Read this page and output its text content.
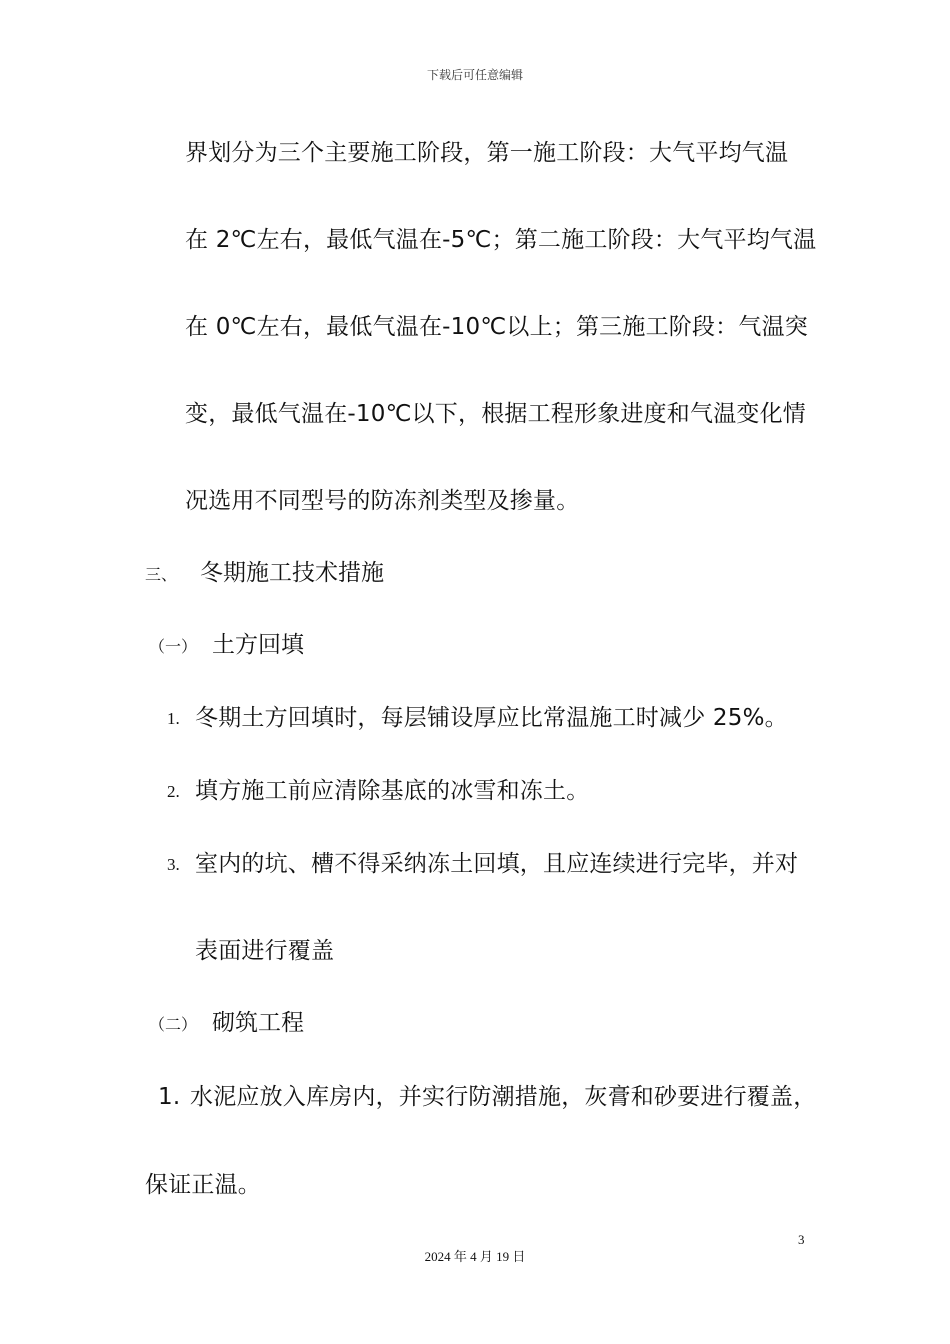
下载后可任意编辑
界划分为三个主要施工阶段，第一施工阶段：大气平均气温
在 2℃左右，最低气温在-5℃；第二施工阶段：大气平均气温
在 0℃左右，最低气温在-10℃以上；第三施工阶段：气温突
变，最低气温在-10℃以下，根据工程形象进度和气温变化情
况选用不同型号的防冻剂类型及掺量。
三、 冬期施工技术措施
（一） 土方回填
1. 冬期土方回填时，每层铺设厚应比常温施工时减少 25%。
2. 填方施工前应清除基底的冰雪和冻土。
3. 室内的坑、槽不得采纳冻土回填，且应连续进行完毕，并对
表面进行覆盖
（二） 砌筑工程
1. 水泥应放入库房内，并实行防潮措施，灰膏和砂要进行覆盖，
保证正温。
3
2024 年 4 月 19 日
